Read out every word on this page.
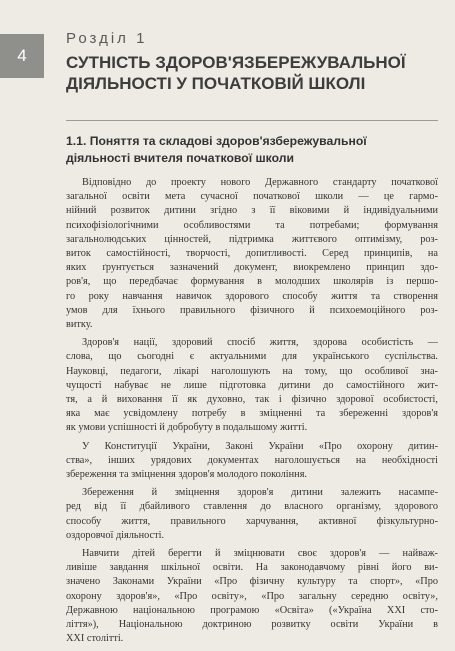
4
Розділ 1
СУТНІСТЬ ЗДОРОВ'ЯЗБЕРЕЖУВАЛЬНОЇ
ДІЯЛЬНОСТІ У ПОЧАТКОВІЙ ШКОЛІ
1.1. Поняття та складові здоров'язбережувальної
діяльності вчителя початкової школи
Відповідно до проекту нового Державного стандарту початкової
загальної освіти мета сучасної початкової школи — це гармо-
нійний розвиток дитини згідно з її віковими й індивідуальними
психофізіологічними особливостями та потребами; формування
загальнолюдських цінностей, підтримка життєвого оптимізму, роз-
виток самостійності, творчості, допитливості. Серед принципів, на
яких ґрунтується зазначений документ, виокремлено принцип здо-
ров'я, що передбачає формування в молодших школярів із першо-
го року навчання навичок здорового способу життя та створення
умов для їхнього правильного фізичного й психоемоційного роз-
витку.
Здоров'я нації, здоровий спосіб життя, здорова особистість —
слова, що сьогодні є актуальними для українського суспільства.
Науковці, педагоги, лікарі наголошують на тому, що особливої зна-
чущості набуває не лише підготовка дитини до самостійного жит-
тя, а й виховання її як духовно, так і фізично здорової особистості,
яка має усвідомлену потребу в зміцненні та збереженні здоров'я
як умови успішності й добробуту в подальшому житті.
У Конституції України, Законі України «Про охорону дитин-
ства», інших урядових документах наголошується на необхідності
збереження та зміцнення здоров'я молодого покоління.
Збереження й зміцнення здоров'я дитини залежить насампе-
ред від її дбайливого ставлення до власного організму, здорового
способу життя, правильного харчування, активної фізкультурно-
оздоровчої діяльності.
Навчити дітей берегти й зміцнювати своє здоров'я — найваж-
ливіше завдання шкільної освіти. На законодавчому рівні його ви-
значено Законами України «Про фізичну культуру та спорт», «Про
охорону здоров'я», «Про освіту», «Про загальну середню освіту»,
Державною національною програмою «Освіта» («Україна XXI сто-
ліття»), Національною доктриною розвитку освіти України в
XXI столітті.
